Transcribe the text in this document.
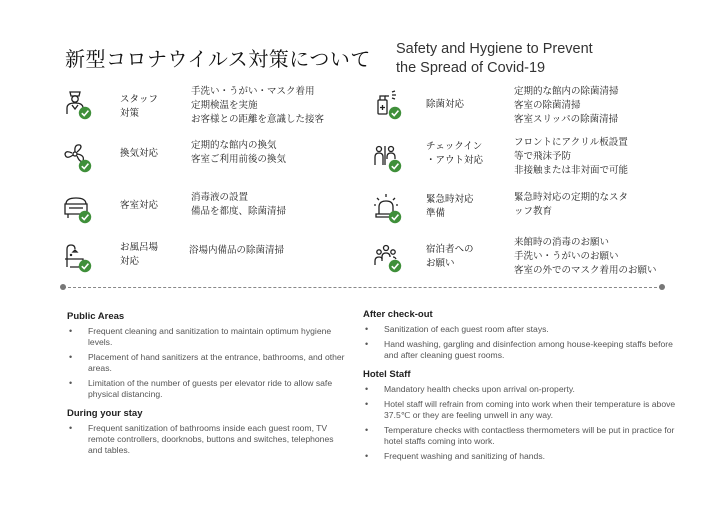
新型コロナウイルス対策について Safety and Hygiene to Prevent
the Spread of Covid-19
スタッフ
対策
手洗い・うがい・マスク着用
定期検温を実施
お客様との距離を意識した接客
換気対応
定期的な館内の換気
客室ご利用前後の換気
客室対応
消毒液の設置
備品を都度、除菌清掃
お風呂場
対応
浴場内備品の除菌清掃
除菌対応
定期的な館内の除菌清掃
客室の除菌清掃
客室スリッパの除菌清掃
チェックイン
・アウト対応
フロントにアクリル板設置
等で飛沫予防
非接触または非対面で可能
緊急時対応
準備
緊急時対応の定期的なスタ
ッフ教育
宿泊者への
お願い
来館時の消毒のお願い
手洗い・うがいのお願い
客室の外でのマスク着用のお願い
Public Areas
• Frequent cleaning and sanitization to maintain optimum hygiene levels.
• Placement of hand sanitizers at the entrance, bathrooms, and other areas.
• Limitation of the number of guests per elevator ride to allow safe physical distancing.
During your stay
• Frequent sanitization of bathrooms inside each guest room, TV remote controllers, doorknobs, buttons and switches, telephones and tables.
After check-out
• Sanitization of each guest room after stays.
• Hand washing, gargling and disinfection among house-keeping staffs before and after cleaning guest rooms.
Hotel Staff
• Mandatory health checks upon arrival on-property.
• Hotel staff will refrain from coming into work when their temperature is above 37.5℃ or they are feeling unwell in any way.
• Temperature checks with contactless thermometers will be put in practice for hotel staffs coming into work.
• Frequent washing and sanitizing of hands.
